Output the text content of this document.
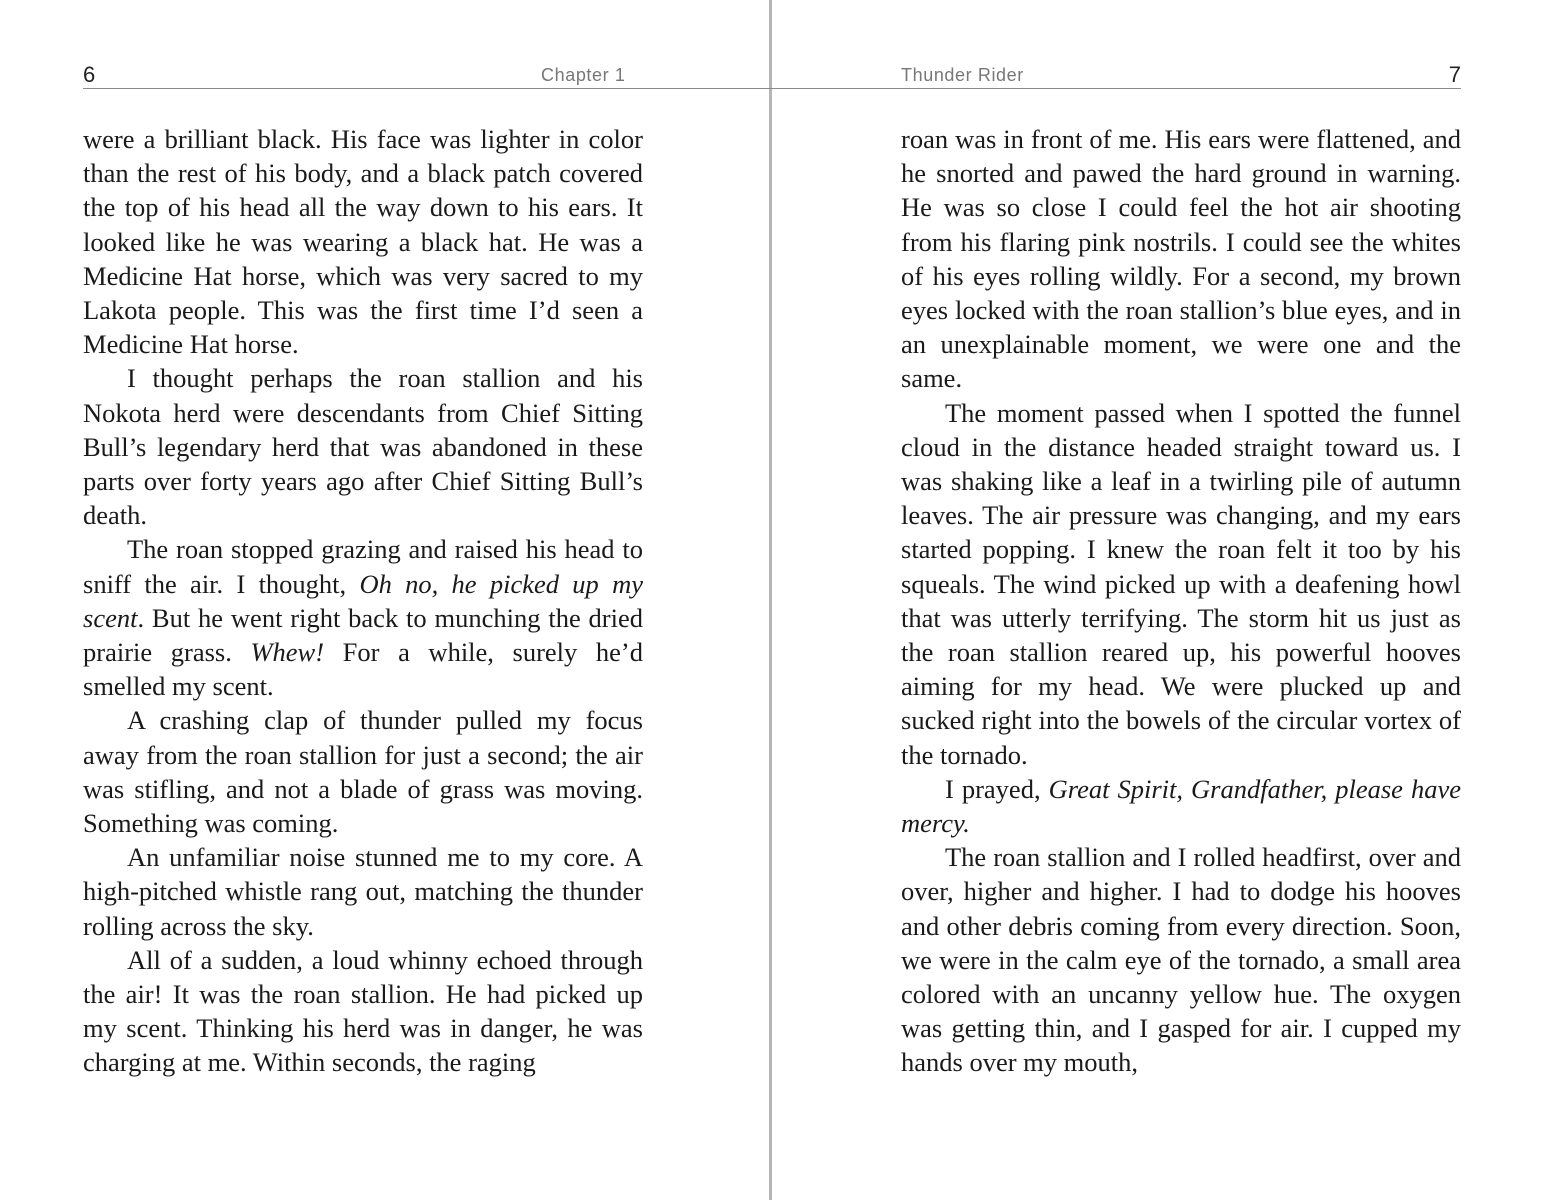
6	Chapter 1

were a brilliant black. His face was lighter in color than the rest of his body, and a black patch covered the top of his head all the way down to his ears. It looked like he was wearing a black hat. He was a Medicine Hat horse, which was very sacred to my Lakota people. This was the first time I’d seen a Medicine Hat horse.

I thought perhaps the roan stallion and his Nokota herd were descendants from Chief Sitting Bull’s legendary herd that was abandoned in these parts over forty years ago after Chief Sitting Bull’s death.

The roan stopped grazing and raised his head to sniff the air. I thought, Oh no, he picked up my scent. But he went right back to munching the dried prairie grass. Whew! For a while, surely he’d smelled my scent.

A crashing clap of thunder pulled my focus away from the roan stallion for just a second; the air was stifling, and not a blade of grass was moving. Something was coming.

An unfamiliar noise stunned me to my core. A high-pitched whistle rang out, matching the thunder rolling across the sky.

All of a sudden, a loud whinny echoed through the air! It was the roan stallion. He had picked up my scent. Thinking his herd was in danger, he was charging at me. Within seconds, the raging

Thunder Rider	7

roan was in front of me. His ears were flattened, and he snorted and pawed the hard ground in warning. He was so close I could feel the hot air shooting from his flaring pink nostrils. I could see the whites of his eyes rolling wildly. For a second, my brown eyes locked with the roan stallion’s blue eyes, and in an unexplainable moment, we were one and the same.

The moment passed when I spotted the funnel cloud in the distance headed straight toward us. I was shaking like a leaf in a twirling pile of autumn leaves. The air pressure was changing, and my ears started popping. I knew the roan felt it too by his squeals. The wind picked up with a deafening howl that was utterly terrifying. The storm hit us just as the roan stallion reared up, his powerful hooves aiming for my head. We were plucked up and sucked right into the bowels of the circular vortex of the tornado.

I prayed, Great Spirit, Grandfather, please have mercy.

The roan stallion and I rolled headfirst, over and over, higher and higher. I had to dodge his hooves and other debris coming from every direction. Soon, we were in the calm eye of the tornado, a small area colored with an uncanny yellow hue. The oxygen was getting thin, and I gasped for air. I cupped my hands over my mouth,
